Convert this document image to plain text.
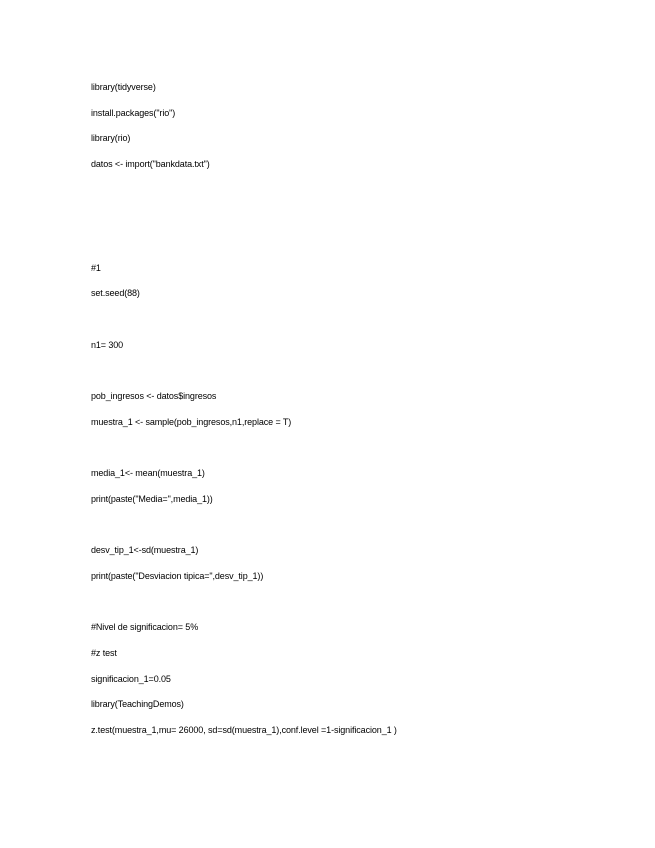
library(tidyverse)
install.packages("rio")
library(rio)
datos <- import("bankdata.txt")
#1
set.seed(88)
n1= 300
pob_ingresos <- datos$ingresos
muestra_1 <- sample(pob_ingresos,n1,replace = T)
media_1<- mean(muestra_1)
print(paste("Media=",media_1))
desv_tip_1<-sd(muestra_1)
print(paste("Desviacion tipica=",desv_tip_1))
#Nivel de significacion= 5%
#z test
significacion_1=0.05
library(TeachingDemos)
z.test(muestra_1,mu= 26000, sd=sd(muestra_1),conf.level =1-significacion_1 )
